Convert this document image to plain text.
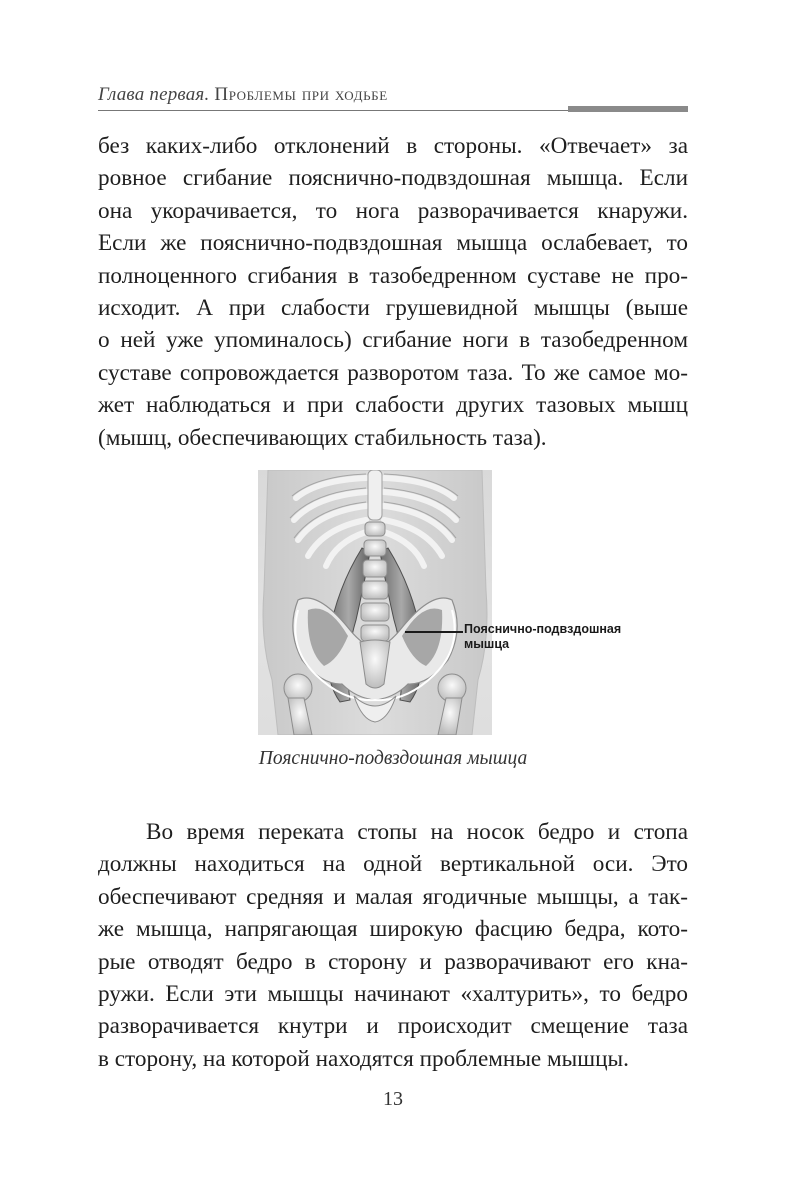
Глава первая. Проблемы при ходьбе
без каких-либо отклонений в стороны. «Отвечает» за
ровное сгибание пояснично-подвздошная мышца. Если
она укорачивается, то нога разворачивается кнаружи.
Если же пояснично-подвздошная мышца ослабевает, то
полноценного сгибания в тазобедренном суставе не про-
исходит. А при слабости грушевидной мышцы (выше
о ней уже упоминалось) сгибание ноги в тазобедренном
суставе сопровождается разворотом таза. То же самое мо-
жет наблюдаться и при слабости других тазовых мышц
(мышц, обеспечивающих стабильность таза).
Пояснично-подвздошная
мышца
Пояснично-подвздошная мышца
Во время переката стопы на носок бедро и стопа
должны находиться на одной вертикальной оси. Это
обеспечивают средняя и малая ягодичные мышцы, а так-
же мышца, напрягающая широкую фасцию бедра, кото-
рые отводят бедро в сторону и разворачивают его кна-
ружи. Если эти мышцы начинают «халтурить», то бедро
разворачивается кнутри и происходит смещение таза
в сторону, на которой находятся проблемные мышцы.
13
